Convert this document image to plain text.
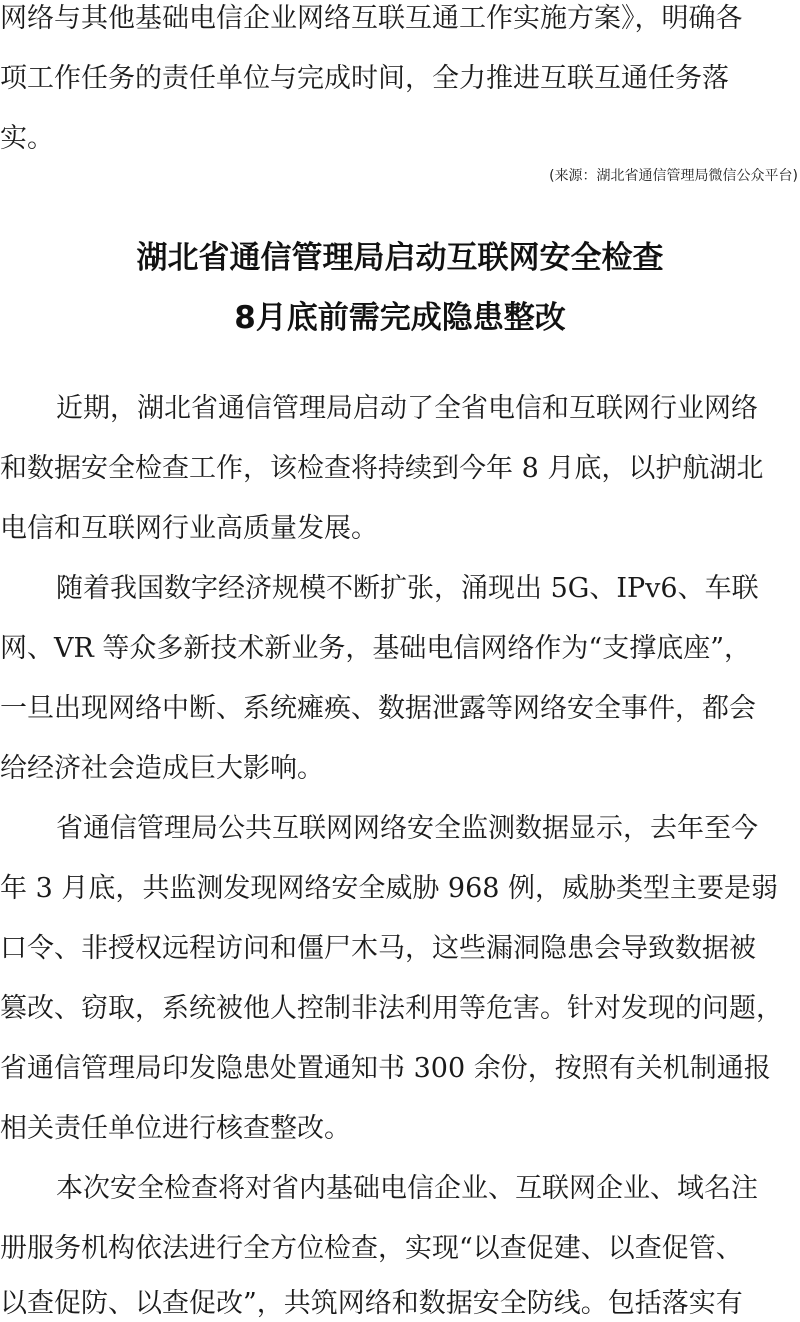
网络与其他基础电信企业网络互联互通工作实施方案》，明确各
项工作任务的责任单位与完成时间，全力推进互联互通任务落
实。
(来源：湖北省通信管理局微信公众平台)
湖北省通信管理局启动互联网安全检查
8月底前需完成隐患整改
近期，湖北省通信管理局启动了全省电信和互联网行业网络
和数据安全检查工作，该检查将持续到今年 8 月底，以护航湖北
电信和互联网行业高质量发展。
随着我国数字经济规模不断扩张，涌现出 5G、IPv6、车联
网、VR 等众多新技术新业务，基础电信网络作为“支撑底座”，
一旦出现网络中断、系统瘫痪、数据泄露等网络安全事件，都会
给经济社会造成巨大影响。
省通信管理局公共互联网网络安全监测数据显示，去年至今
年 3 月底，共监测发现网络安全威胁 968 例，威胁类型主要是弱
口令、非授权远程访问和僵尸木马，这些漏洞隐患会导致数据被
篡改、窃取，系统被他人控制非法利用等危害。针对发现的问题，
省通信管理局印发隐患处置通知书 300 余份，按照有关机制通报
相关责任单位进行核查整改。
本次安全检查将对省内基础电信企业、互联网企业、域名注
册服务机构依法进行全方位检查，实现“以查促建、以查促管、
以查促防、以查促改”，共筑网络和数据安全防线。包括落实有
